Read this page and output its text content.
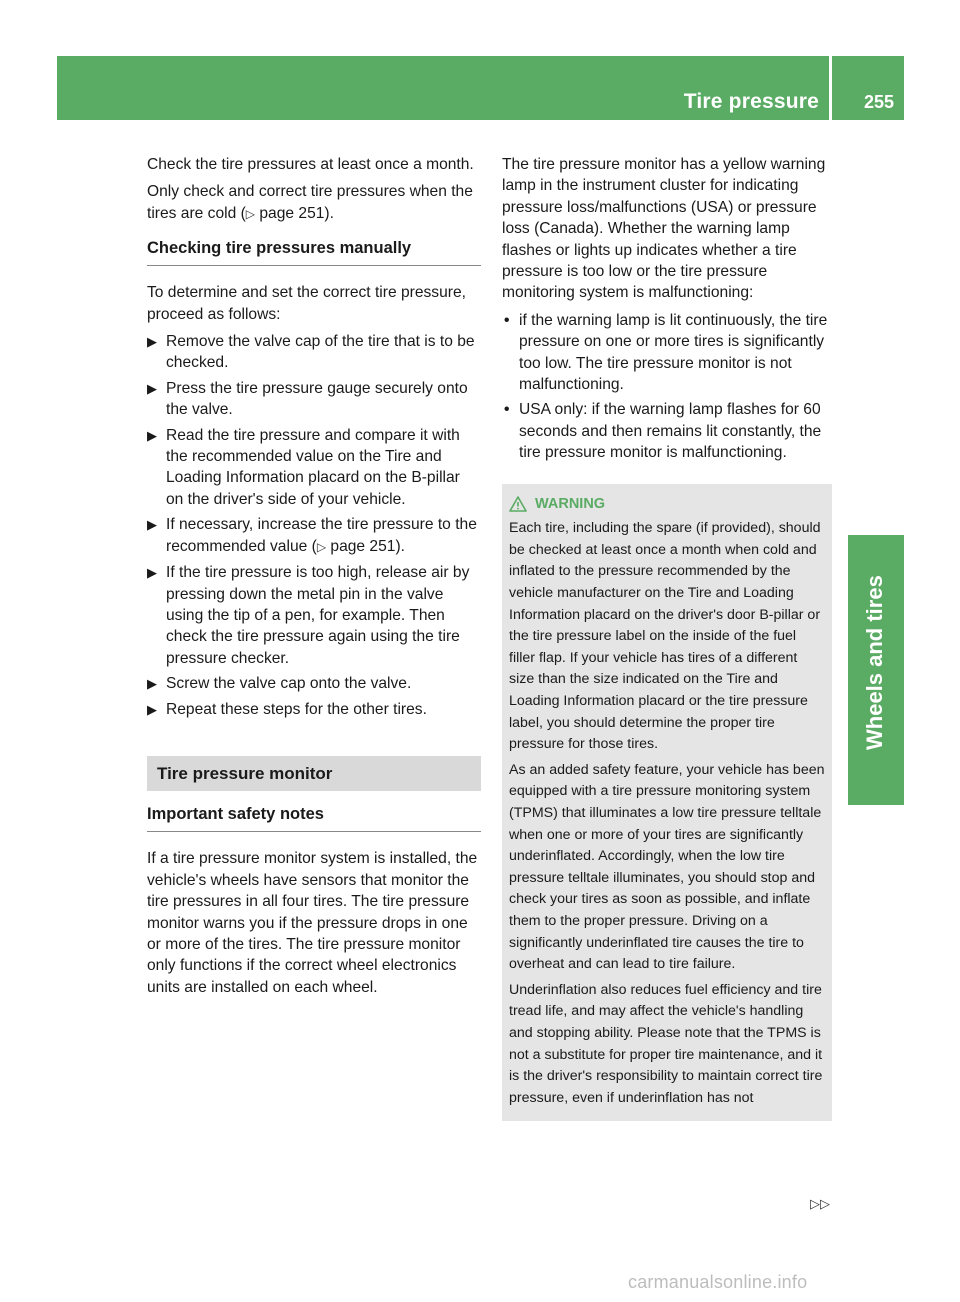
Tire pressure 255
Wheels and tires

Check the tire pressures at least once a month.

Only check and correct tire pressures when the tires are cold (▷ page 251).

Checking tire pressures manually

To determine and set the correct tire pressure, proceed as follows:

▶ Remove the valve cap of the tire that is to be checked.
▶ Press the tire pressure gauge securely onto the valve.
▶ Read the tire pressure and compare it with the recommended value on the Tire and Loading Information placard on the B-pillar on the driver's side of your vehicle.
▶ If necessary, increase the tire pressure to the recommended value (▷ page 251).
▶ If the tire pressure is too high, release air by pressing down the metal pin in the valve using the tip of a pen, for example. Then check the tire pressure again using the tire pressure checker.
▶ Screw the valve cap onto the valve.
▶ Repeat these steps for the other tires.
Tire pressure monitor
Important safety notes

If a tire pressure monitor system is installed, the vehicle's wheels have sensors that monitor the tire pressures in all four tires. The tire pressure monitor warns you if the pressure drops in one or more of the tires. The tire pressure monitor only functions if the correct wheel electronics units are installed on each wheel.

The tire pressure monitor has a yellow warning lamp in the instrument cluster for indicating pressure loss/malfunctions (USA) or pressure loss (Canada). Whether the warning lamp flashes or lights up indicates whether a tire pressure is too low or the tire pressure monitoring system is malfunctioning:

• if the warning lamp is lit continuously, the tire pressure on one or more tires is significantly too low. The tire pressure monitor is not malfunctioning.
• USA only: if the warning lamp flashes for 60 seconds and then remains lit constantly, the tire pressure monitor is malfunctioning.
WARNING

Each tire, including the spare (if provided), should be checked at least once a month when cold and inflated to the pressure recommended by the vehicle manufacturer on the Tire and Loading Information placard on the driver's door B-pillar or the tire pressure label on the inside of the fuel filler flap. If your vehicle has tires of a different size than the size indicated on the Tire and Loading Information placard or the tire pressure label, you should determine the proper tire pressure for those tires.

As an added safety feature, your vehicle has been equipped with a tire pressure monitoring system (TPMS) that illuminates a low tire pressure telltale when one or more of your tires are significantly underinflated. Accordingly, when the low tire pressure telltale illuminates, you should stop and check your tires as soon as possible, and inflate them to the proper pressure. Driving on a significantly underinflated tire causes the tire to overheat and can lead to tire failure.

Underinflation also reduces fuel efficiency and tire tread life, and may affect the vehicle's handling and stopping ability. Please note that the TPMS is not a substitute for proper tire maintenance, and it is the driver's responsibility to maintain correct tire pressure, even if underinflation has not

▷▷
carmanualsonline.info
